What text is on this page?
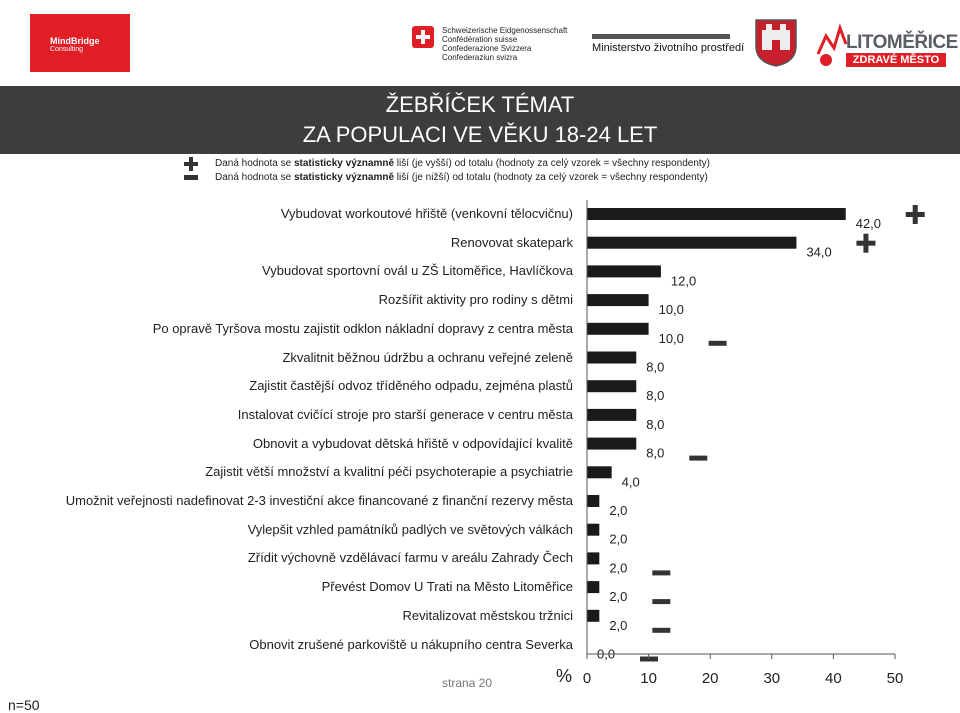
MindBridge
Consulting
Schweizerische Eidgenossenschaft
Confédération suisse
Confederazione Svizzera
Confederaziun svizra
Ministerstvo životního prostředí	LITOMĚŘICE
ZDRAVÉ MĚSTO
ŽEBŘÍČEK TÉMAT
ZA POPULACI VE VĚKU 18-24 LET
Daná hodnota se statisticky významně liší (je vyšší) od totalu (hodnoty za celý vzorek = všechny respondenty)
Daná hodnota se statisticky významně liší (je nižší) od totalu (hodnoty za celý vzorek = všechny respondenty)
Vybudovat workoutové hřiště (venkovní tělocvičnu)
Renovovat skatepark
Vybudovat sportovní ovál u ZŠ Litoměřice, Havlíčkova
Rozšířit aktivity pro rodiny s dětmi
Po opravě Tyršova mostu zajistit odklon nákladní dopravy z centra města
Zkvalitnit běžnou údržbu a ochranu veřejné zeleně
Zajistit častější odvoz tříděného odpadu, zejména plastů
Instalovat cvičící stroje pro starší generace v centru města
Obnovit a vybudovat dětská hřiště v odpovídající kvalitě
Zajistit větší množství a kvalitní péči psychoterapie a psychiatrie
Umožnit veřejnosti nadefinovat 2-3 investiční akce financované z finanční rezervy města
Vylepšit vzhled památníků padlých ve světových válkách
Zřídit výchovně vzdělávací farmu v areálu Zahrady Čech
Převést Domov U Trati na Město Litoměřice
Revitalizovat městskou tržnici
Obnovit zrušené parkoviště u nákupního centra Severka
42,0
34,0
12,0
10,0
10,0
8,0
8,0
8,0
8,0
4,0
2,0
2,0
2,0
2,0
2,0
0,0
0	10	20	30	40	50
%
strana 20
n=50
